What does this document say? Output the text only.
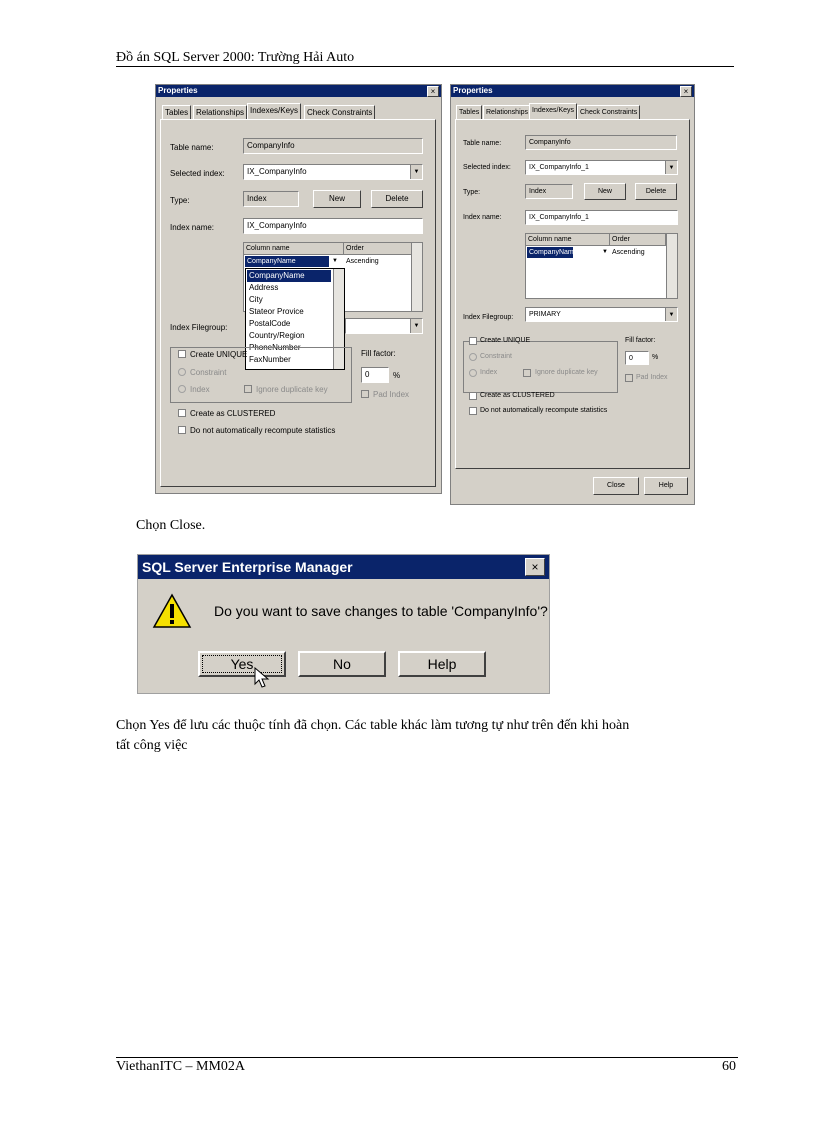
Đồ án SQL Server 2000: Trường Hải Auto
Properties	×
Tables Relationships Indexes/Keys	Check Constraints
Table name:	CompanyInfo
Selected index:	IX_CompanyInfo	▼
Type:	Index	New	Delete
Index name:	IX_CompanyInfo
Column name	Order
CompanyName	▼ Ascending
CompanyName
Address
City
Stateor Provice
PostalCode
Country/Region
PhoneNumber
FaxNumber
Index Filegroup:	▼
Create UNIQUE
Constraint
Index	Ignore duplicate key
Fill factor:
0	%
Pad Index
Create as CLUSTERED
Do not automatically recompute statistics
Properties	×
Tables Relationships Indexes/Keys Check Constraints
Table name:	CompanyInfo
Selected index:	IX_CompanyInfo_1	▼
Type:	Index	New	Delete
Index name:	IX_CompanyInfo_1
Column name	Order
CompanyName	▼ Ascending
Index Filegroup:	PRIMARY	▼
Create UNIQUE
Constraint
Index	Ignore duplicate key
Fill factor:
0	%
Pad Index
Create as CLUSTERED
Do not automatically recompute statistics
Close	Help
Chọn Close.
SQL Server Enterprise Manager	×
Do you want to save changes to table 'CompanyInfo'?
Yes	No	Help
Chọn Yes để lưu các thuộc tính đã chọn. Các table khác làm tương tự như trên đến khi hoàn
tất công việc
ViethanITC – MM02A	60
